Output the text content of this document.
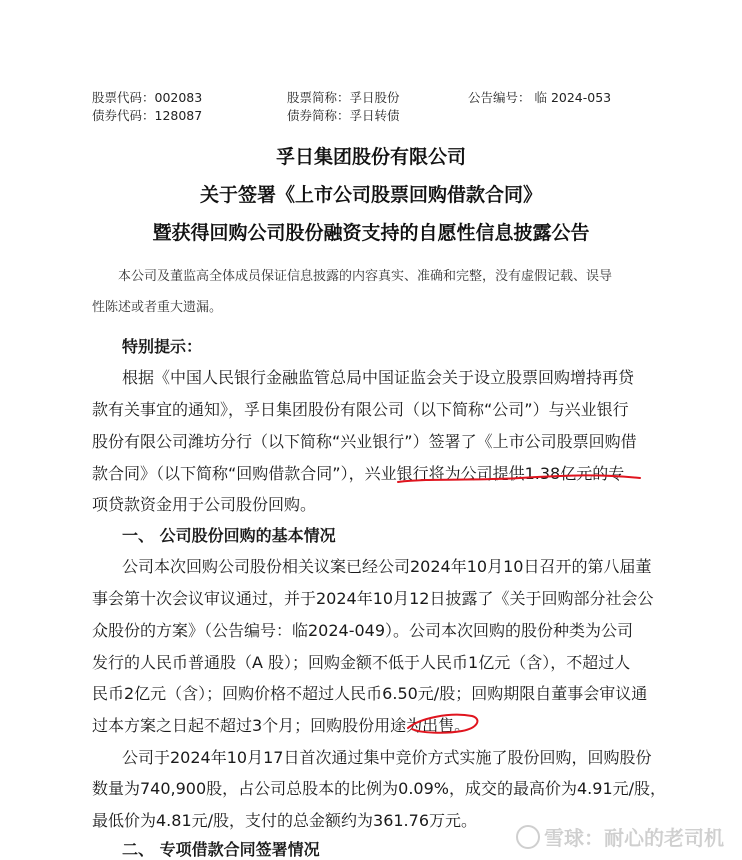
股票代码：002083
债券代码：128087
股票简称：孚日股份
债券简称：孚日转债
公告编号： 临 2024-053
孚日集团股份有限公司
关于签署《上市公司股票回购借款合同》
暨获得回购公司股份融资支持的自愿性信息披露公告
本公司及董监高全体成员保证信息披露的内容真实、准确和完整，没有虚假记载、误导
性陈述或者重大遗漏。
特别提示：
根据《中国人民银行金融监管总局中国证监会关于设立股票回购增持再贷
款有关事宜的通知》，孚日集团股份有限公司（以下简称“公司”）与兴业银行
股份有限公司潍坊分行（以下简称“兴业银行”）签署了《上市公司股票回购借
款合同》（以下简称“回购借款合同”），兴业银行将为公司提供1.38亿元的专
项贷款资金用于公司股份回购。
一、 公司股份回购的基本情况
公司本次回购公司股份相关议案已经公司2024年10月10日召开的第八届董
事会第十次会议审议通过，并于2024年10月12日披露了《关于回购部分社会公
众股份的方案》（公告编号：临2024-049）。公司本次回购的股份种类为公司
发行的人民币普通股（A 股）；回购金额不低于人民币1亿元（含），不超过人
民币2亿元（含）；回购价格不超过人民币6.50元/股；回购期限自董事会审议通
过本方案之日起不超过3个月；回购股份用途为出售。
公司于2024年10月17日首次通过集中竞价方式实施了股份回购，回购股份
数量为740,900股，占公司总股本的比例为0.09%，成交的最高价为4.91元/股，
最低价为4.81元/股，支付的总金额约为361.76万元。
二、 专项借款合同签署情况	雪球：耐心的老司机
